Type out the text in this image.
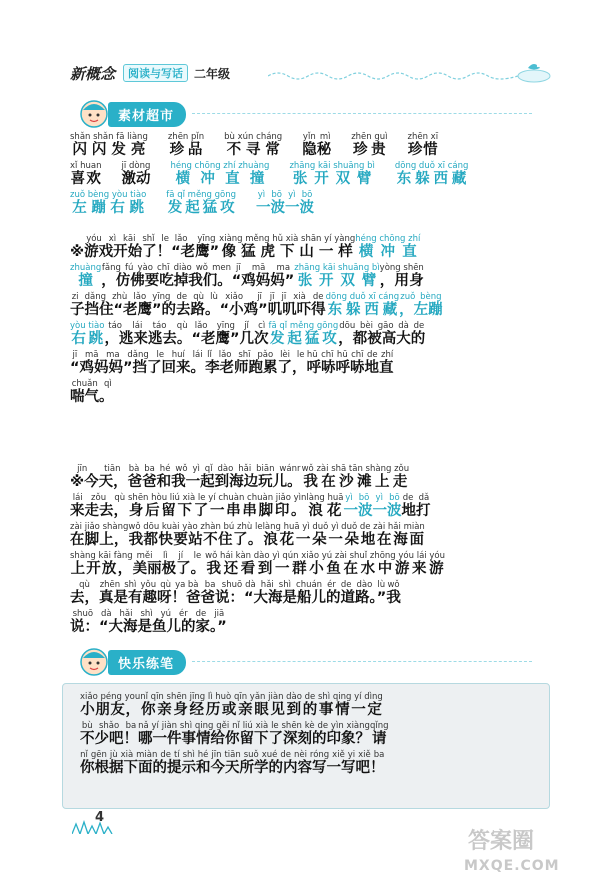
新概念	阅读与写话 二年级
素材超市
闪闪发亮shǎn shǎn fā liàng珍品zhēn pǐn不寻常bù xún cháng隐秘yǐn mì珍贵zhēn guì珍惜zhēn xī
喜欢xǐ huan激动jī dòng横冲直撞héng chōng zhí zhuàng张开双臂zhāng kāi shuāng bì东躲西藏dōng duǒ xī cáng
左蹦右跳zuǒ bèng yòu tiào发起猛攻fā qǐ měng gōng一波一波yì bō yì bō
※游戏开始了！yóu xì kāi shǐ le“老鹰”lǎo yīng像猛虎下山一样xiàng měng hǔ xià shān yí yàng横冲直héng chōng zhí
撞zhuàng，仿佛要吃掉我们。fǎng fú yào chī diào wǒ men“鸡妈妈”jī mā ma张开双臂zhāng kāi shuāng bì，用身yòng shēn
子挡住“老鹰”的去路。zi dǎng zhù lǎo yīng de qù lù“小鸡”xiǎo jī叽叽吓得jī jī xià de东躲西藏dōng duǒ xī cáng，左蹦zuǒ bèng
右跳yòu tiào，逃来逃去。táo lái táo qù“老鹰”几次lǎo yīng jǐ cì发起猛攻fā qǐ měng gōng，都被高大的dōu bèi gāo dà de
“鸡妈妈”挡了回来。jī mā ma dǎng le huí lái李老师跑累了，lǐ lǎo shī pǎo lèi le呼哧呼哧地直hū chī hū chī de zhí
喘气。chuǎn qì
※今天，jīn tiān爸爸和我一起到海边玩儿。bà ba hé wǒ yì qǐ dào hǎi biān wánr我在沙滩上走wǒ zài shā tān shàng zǒu
来走去，lái zǒu qù身后留下了一串串脚印。shēn hòu liú xià le yí chuàn chuàn jiǎo yìn浪花làng huā一波一波yì bō yì bō地打de dǎ
在脚上，zài jiǎo shàng我都快要站不住了。wǒ dōu kuài yào zhàn bú zhù le浪花一朵一朵地在海面làng huā yì duǒ yì duǒ de zài hǎi miàn
上开放，shàng kāi fàng美丽极了。měi lì jí le我还看到一群小鱼在水中游来游wǒ hái kàn dào yì qún xiǎo yú zài shuǐ zhōng yóu lái yóu
去，qù真是有趣呀！zhēn shì yǒu qù ya爸爸说：bà ba shuō“大海是船儿的道路。”dà hǎi shì chuán ér de dào lù我wǒ
说：“大海是鱼儿的家。”shuō dà hǎi shì yú ér de jiā
快乐练笔
小朋友，xiǎo péng you你亲身经历或亲眼见到的事情一定nǐ qīn shēn jīng lì huò qīn yǎn jiàn dào de shì qing yí dìng
不少吧！bù shǎo ba哪一件事情给你留下了深刻的印象？nǎ yí jiàn shì qing gěi nǐ liú xià le shēn kè de yìn xiàng请qǐng
你根据下面的提示和今天所学的内容写一写吧！nǐ gēn jù xià miàn de tí shì hé jīn tiān suǒ xué de nèi róng xiě yi xiě ba
4
答案圈
MXQE.COM
